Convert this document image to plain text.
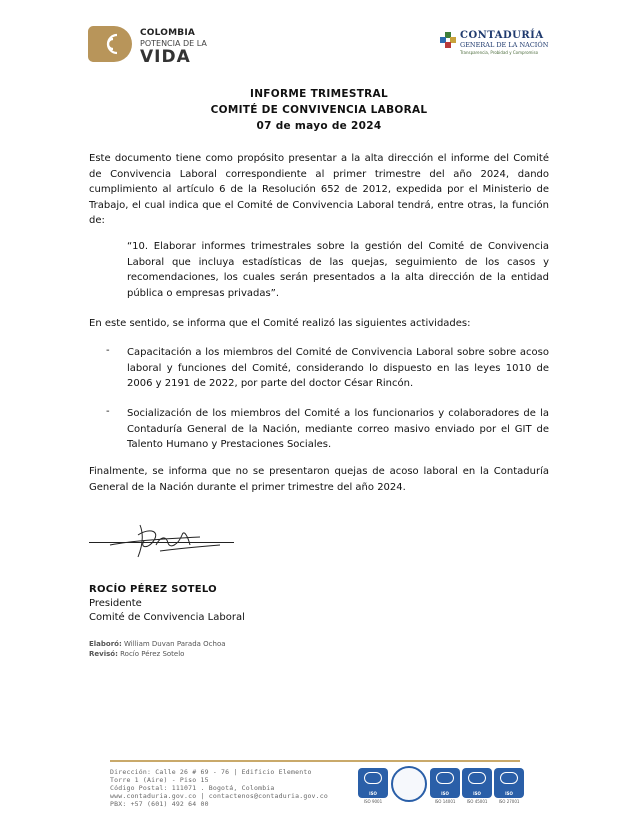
COLOMBIA
POTENCIA DE LA
VIDA
CONTADURÍA
GENERAL DE LA NACIÓN
Transparencia, Probidad y Compromiso
INFORME TRIMESTRAL
COMITÉ DE CONVIVENCIA LABORAL
07 de mayo de 2024
Este documento tiene como propósito presentar a la alta dirección el informe del Comité de Convivencia Laboral correspondiente al primer trimestre del año 2024, dando cumplimiento al artículo 6 de la Resolución 652 de 2012, expedida por el Ministerio de Trabajo, el cual indica que el Comité de Convivencia Laboral tendrá, entre otras, la función de:
“10. Elaborar informes trimestrales sobre la gestión del Comité de Convivencia Laboral que incluya estadísticas de las quejas, seguimiento de los casos y recomendaciones, los cuales serán presentados a la alta dirección de la entidad pública o empresas privadas”.
En este sentido, se informa que el Comité realizó las siguientes actividades:
- Capacitación a los miembros del Comité de Convivencia Laboral sobre sobre acoso laboral y funciones del Comité, considerando lo dispuesto en las leyes 1010 de 2006 y 2191 de 2022, por parte del doctor César Rincón.
- Socialización de los miembros del Comité a los funcionarios y colaboradores de la Contaduría General de la Nación, mediante correo masivo enviado por el GIT de Talento Humano y Prestaciones Sociales.
Finalmente, se informa que no se presentaron quejas de acoso laboral en la Contaduría General de la Nación durante el primer trimestre del año 2024.
ROCÍO PÉREZ SOTELO
Presidente
Comité de Convivencia Laboral
Elaboró: William Duvan Parada Ochoa
Revisó: Rocío Pérez Sotelo
Dirección: Calle 26 # 69 - 76 | Edificio Elemento
Torre 1 (Aire) - Piso 15
Código Postal: 111071 . Bogotá, Colombia
www.contaduria.gov.co | contactenos@contaduria.gov.co
PBX: +57 (601) 492 64 00
ISO
ISO 9001
ISO
ISO 14001
ISO
ISO 45001
ISO
ISO 27001
